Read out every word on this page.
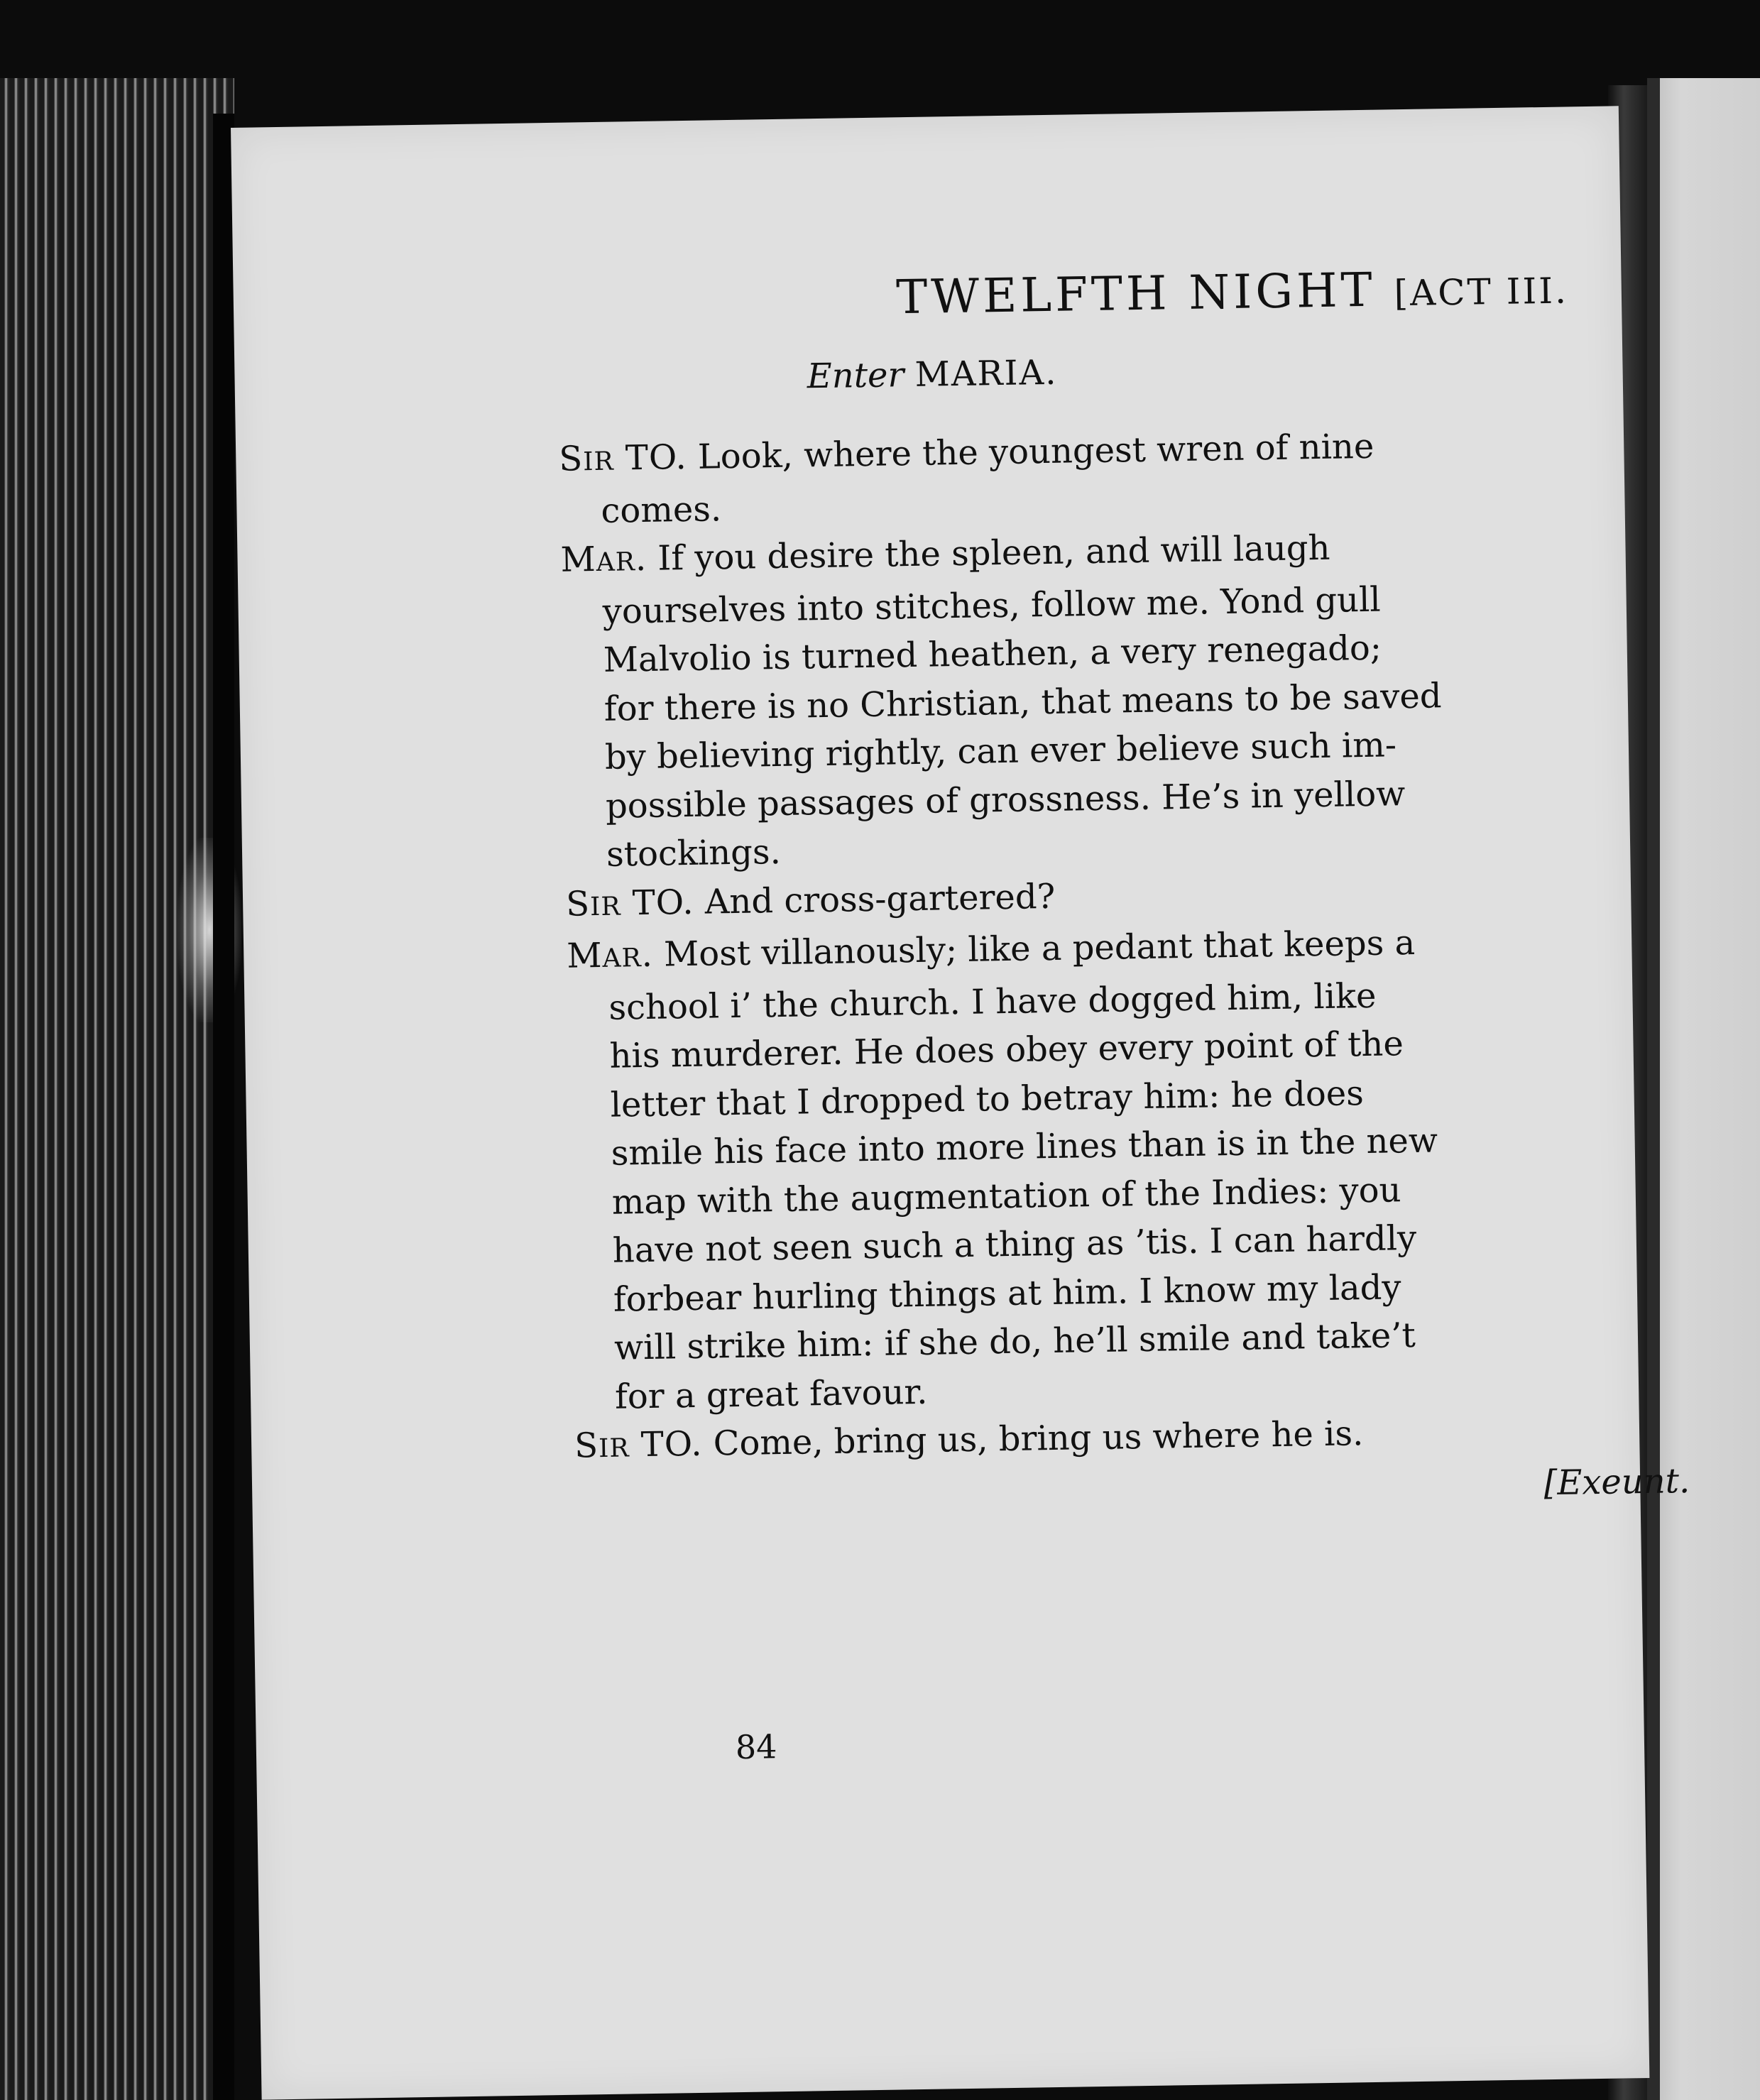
TWELFTH NIGHT [ACT III.
Enter MARIA.

SIR TO. Look, where the youngest wren of nine
comes.

MAR. If you desire the spleen, and will laugh
yourselves into stitches, follow me. Yond gull
Malvolio is turned heathen, a very renegado;
for there is no Christian, that means to be saved
by believing rightly, can ever believe such im-
possible passages of grossness. He’s in yellow
stockings.

SIR TO. And cross-gartered?

MAR. Most villanously; like a pedant that keeps a
school i’ the church. I have dogged him, like
his murderer. He does obey every point of the
letter that I dropped to betray him: he does
smile his face into more lines than is in the new
map with the augmentation of the Indies: you
have not seen such a thing as ’tis. I can hardly
forbear hurling things at him. I know my lady
will strike him: if she do, he’ll smile and take’t
for a great favour.

SIR TO. Come, bring us, bring us where he is.
[Exeunt.

84
